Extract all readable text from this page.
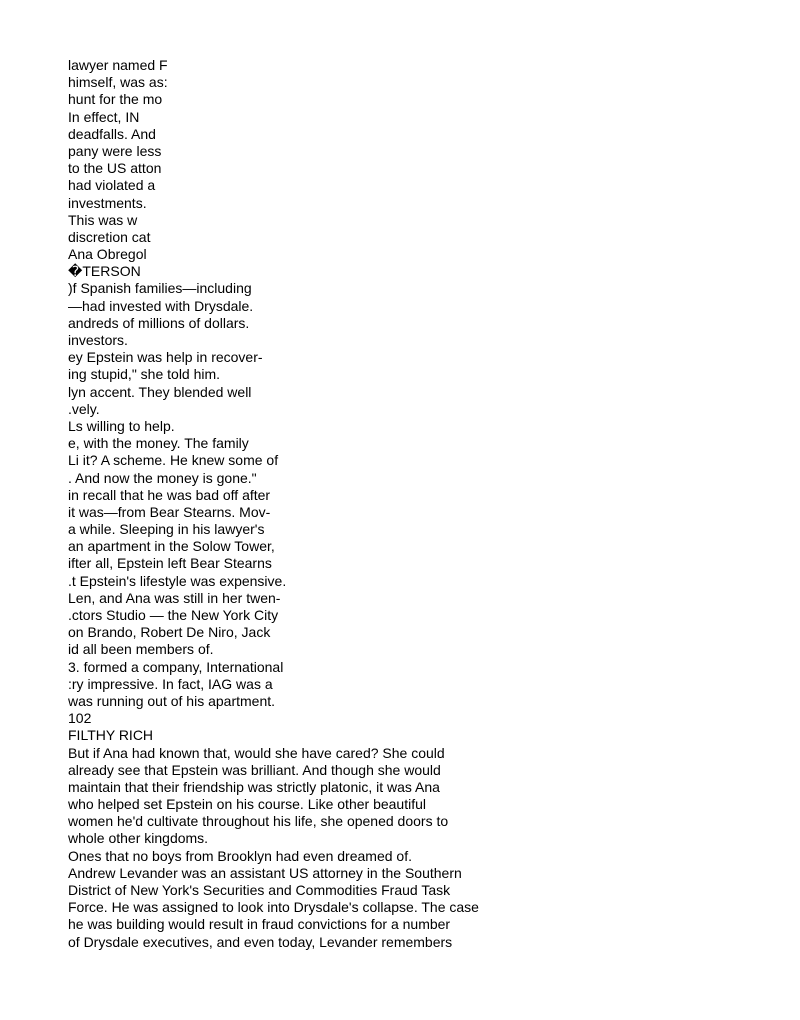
lawyer named F
himself, was as:
hunt for the mo
In effect, IN
deadfalls. And
pany were less
to the US atton
had violated a
investments.
This was w
discretion cat
Ana Obregol
�TERSON
)f Spanish families—including
—had invested with Drysdale.
andreds of millions of dollars.
investors.
ey Epstein was help in recover-
ing stupid," she told him.
lyn accent. They blended well
.vely.
Ls willing to help.
e, with the money. The family
Li it? A scheme. He knew some of
. And now the money is gone."
in recall that he was bad off after
it was—from Bear Stearns. Mov-
a while. Sleeping in his lawyer's
an apartment in the Solow Tower,
ifter all, Epstein left Bear Stearns
.t Epstein's lifestyle was expensive.
Len, and Ana was still in her twen-
.ctors Studio — the New York City
on Brando, Robert De Niro, Jack
id all been members of.
3. formed a company, International
:ry impressive. In fact, IAG was a
was running out of his apartment.
102
FILTHY RICH
But if Ana had known that, would she have cared? She could
already see that Epstein was brilliant. And though she would
maintain that their friendship was strictly platonic, it was Ana
who helped set Epstein on his course. Like other beautiful
women he'd cultivate throughout his life, she opened doors to
whole other kingdoms.
Ones that no boys from Brooklyn had even dreamed of.
Andrew Levander was an assistant US attorney in the Southern
District of New York's Securities and Commodities Fraud Task
Force. He was assigned to look into Drysdale's collapse. The case
he was building would result in fraud convictions for a number
of Drysdale executives, and even today, Levander remembers
